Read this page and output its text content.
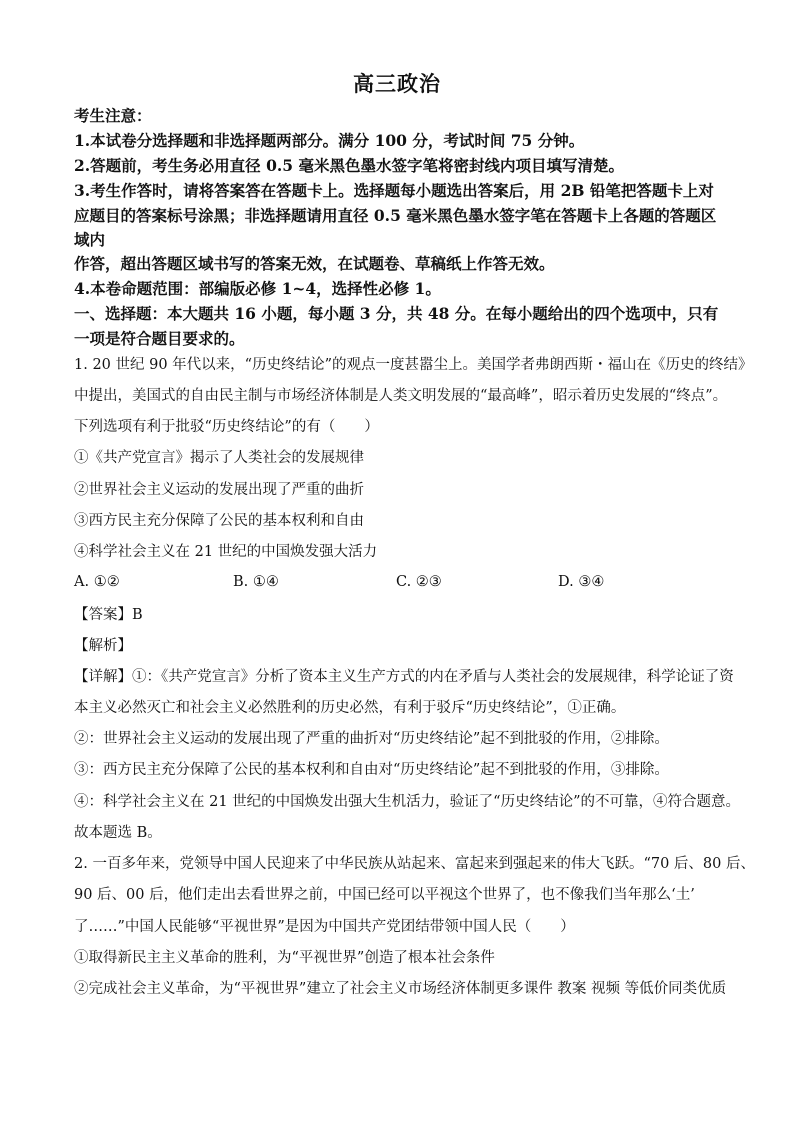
高三政治
考生注意：
1.本试卷分选择题和非选择题两部分。满分 100 分，考试时间 75 分钟。
2.答题前，考生务必用直径 0.5 毫米黑色墨水签字笔将密封线内项目填写清楚。
3.考生作答时，请将答案答在答题卡上。选择题每小题选出答案后，用 2B 铅笔把答题卡上对
应题目的答案标号涂黑；非选择题请用直径 0.5 毫米黑色墨水签字笔在答题卡上各题的答题区
域内
作答，超出答题区域书写的答案无效，在试题卷、草稿纸上作答无效。
4.本卷命题范围：部编版必修 1~4，选择性必修 1。
一、选择题：本大题共 16 小题，每小题 3 分，共 48 分。在每小题给出的四个选项中，只有
一项是符合题目要求的。
1. 20 世纪 90 年代以来，“历史终结论”的观点一度甚嚣尘上。美国学者弗朗西斯・福山在《历史的终结》
中提出，美国式的自由民主制与市场经济体制是人类文明发展的“最高峰”，昭示着历史发展的“终点”。
下列选项有利于批驳“历史终结论”的有（　　）
①《共产党宣言》揭示了人类社会的发展规律
②世界社会主义运动的发展出现了严重的曲折
③西方民主充分保障了公民的基本权利和自由
④科学社会主义在 21 世纪的中国焕发强大活力
A. ①②	B. ①④	C. ②③	D. ③④
【答案】B
【解析】
【详解】①：《共产党宣言》分析了资本主义生产方式的内在矛盾与人类社会的发展规律，科学论证了资
本主义必然灭亡和社会主义必然胜利的历史必然，有利于驳斥“历史终结论”，①正确。
②：世界社会主义运动的发展出现了严重的曲折对“历史终结论”起不到批驳的作用，②排除。
③：西方民主充分保障了公民的基本权利和自由对“历史终结论”起不到批驳的作用，③排除。
④：科学社会主义在 21 世纪的中国焕发出强大生机活力，验证了“历史终结论”的不可靠，④符合题意。
故本题选 B。
2. 一百多年来，党领导中国人民迎来了中华民族从站起来、富起来到强起来的伟大飞跃。“70 后、80 后、
90 后、00 后，他们走出去看世界之前，中国已经可以平视这个世界了，也不像我们当年那么‘土’
了……”中国人民能够“平视世界”是因为中国共产党团结带领中国人民（　　）
①取得新民主主义革命的胜利，为“平视世界”创造了根本社会条件
②完成社会主义革命，为“平视世界”建立了社会主义市场经济体制更多课件 教案 视频 等低价同类优质
